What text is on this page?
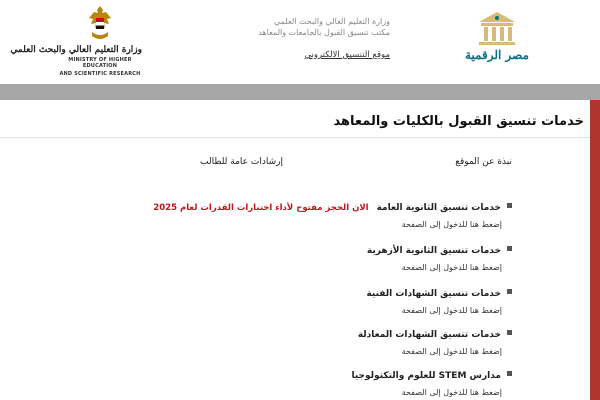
وزارة التعليم العالي والبحث العلمي
MINISTRY OF HIGHER EDUCATION
AND SCIENTIFIC RESEARCH
وزارة التعليم العالي والبحث العلمي
مكتب تنسيق القبول بالجامعات والمعاهد
موقع التنسيق الالكتروني	مصر الرقمية
خدمات تنسيق القبول بالكليات والمعاهد
نبذة عن الموقع
إرشادات عامة للطالب
خدمات تنسيق الثانوية العامةالان الحجز مفتوح لأداء اختبارات القدرات لعام 2025
إضغط هنا للدخول إلى الصفحة
خدمات تنسيق الثانوية الأزهرية
إضغط هنا للدخول إلى الصفحة
خدمات تنسيق الشهادات الفنية
إضغط هنا للدخول إلى الصفحة
خدمات تنسيق الشهادات المعادلة
إضغط هنا للدخول إلى الصفحة
مدارس STEM للعلوم والتكنولوجيا
إضغط هنا للدخول إلى الصفحة
